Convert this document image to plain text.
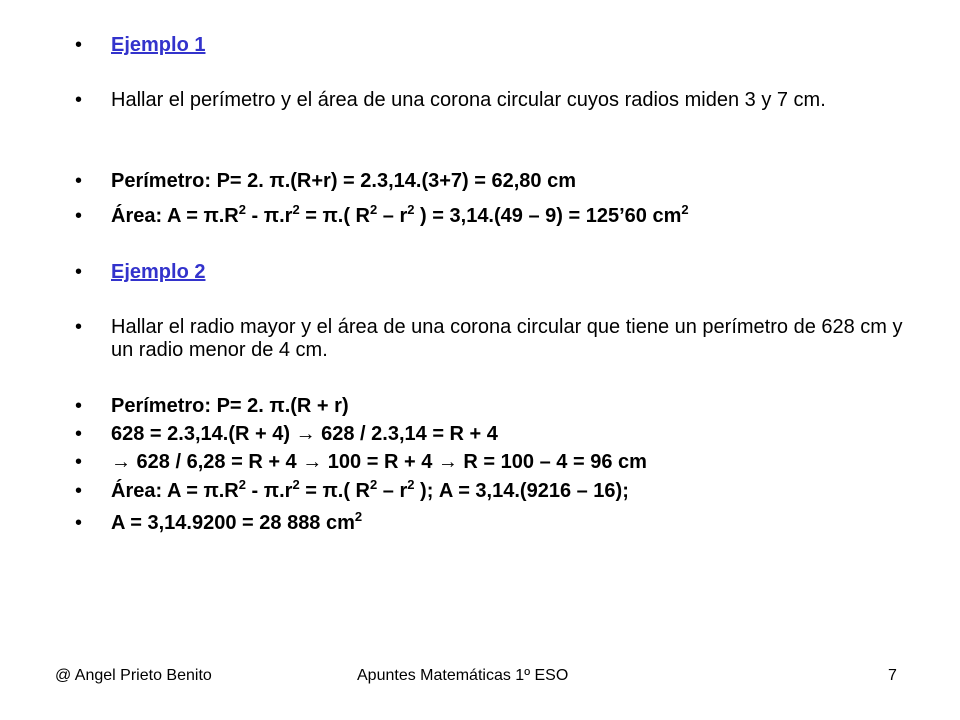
•	Ejemplo 1
•	Hallar el perímetro y el área de una corona circular cuyos radios miden 3 y 7 cm.
•	Perímetro: P= 2. π.(R+r) = 2.3,14.(3+7) = 62,80 cm
•	Área: $A = \pi.R^2 - \pi.r^2 = \pi$.( $R^2 - r^2$ ) = 3,14.(49 – 9) = 125’60 $cm^2$
•	Ejemplo 2
•	Hallar el radio mayor y el área de una corona circular que tiene un perímetro de 628 cm y un radio menor de 4 cm.
•	Perímetro: P= 2. π.(R + r)
•	628 = 2.3,14.(R + 4) → 628 / 2.3,14 = R + 4
•	→ 628 / 6,28 = R + 4 → 100 = R + 4 → R = 100 – 4 = 96 cm
•	Área: $A = \pi.R^2 - \pi.r^2 = \pi$.( $R^2 - r^2$ ); A = 3,14.(9216 – 16);
•	A = 3,14.9200 = 28 888 $cm^2$
@ Angel Prieto Benito	Apuntes Matemáticas 1º ESO	7
